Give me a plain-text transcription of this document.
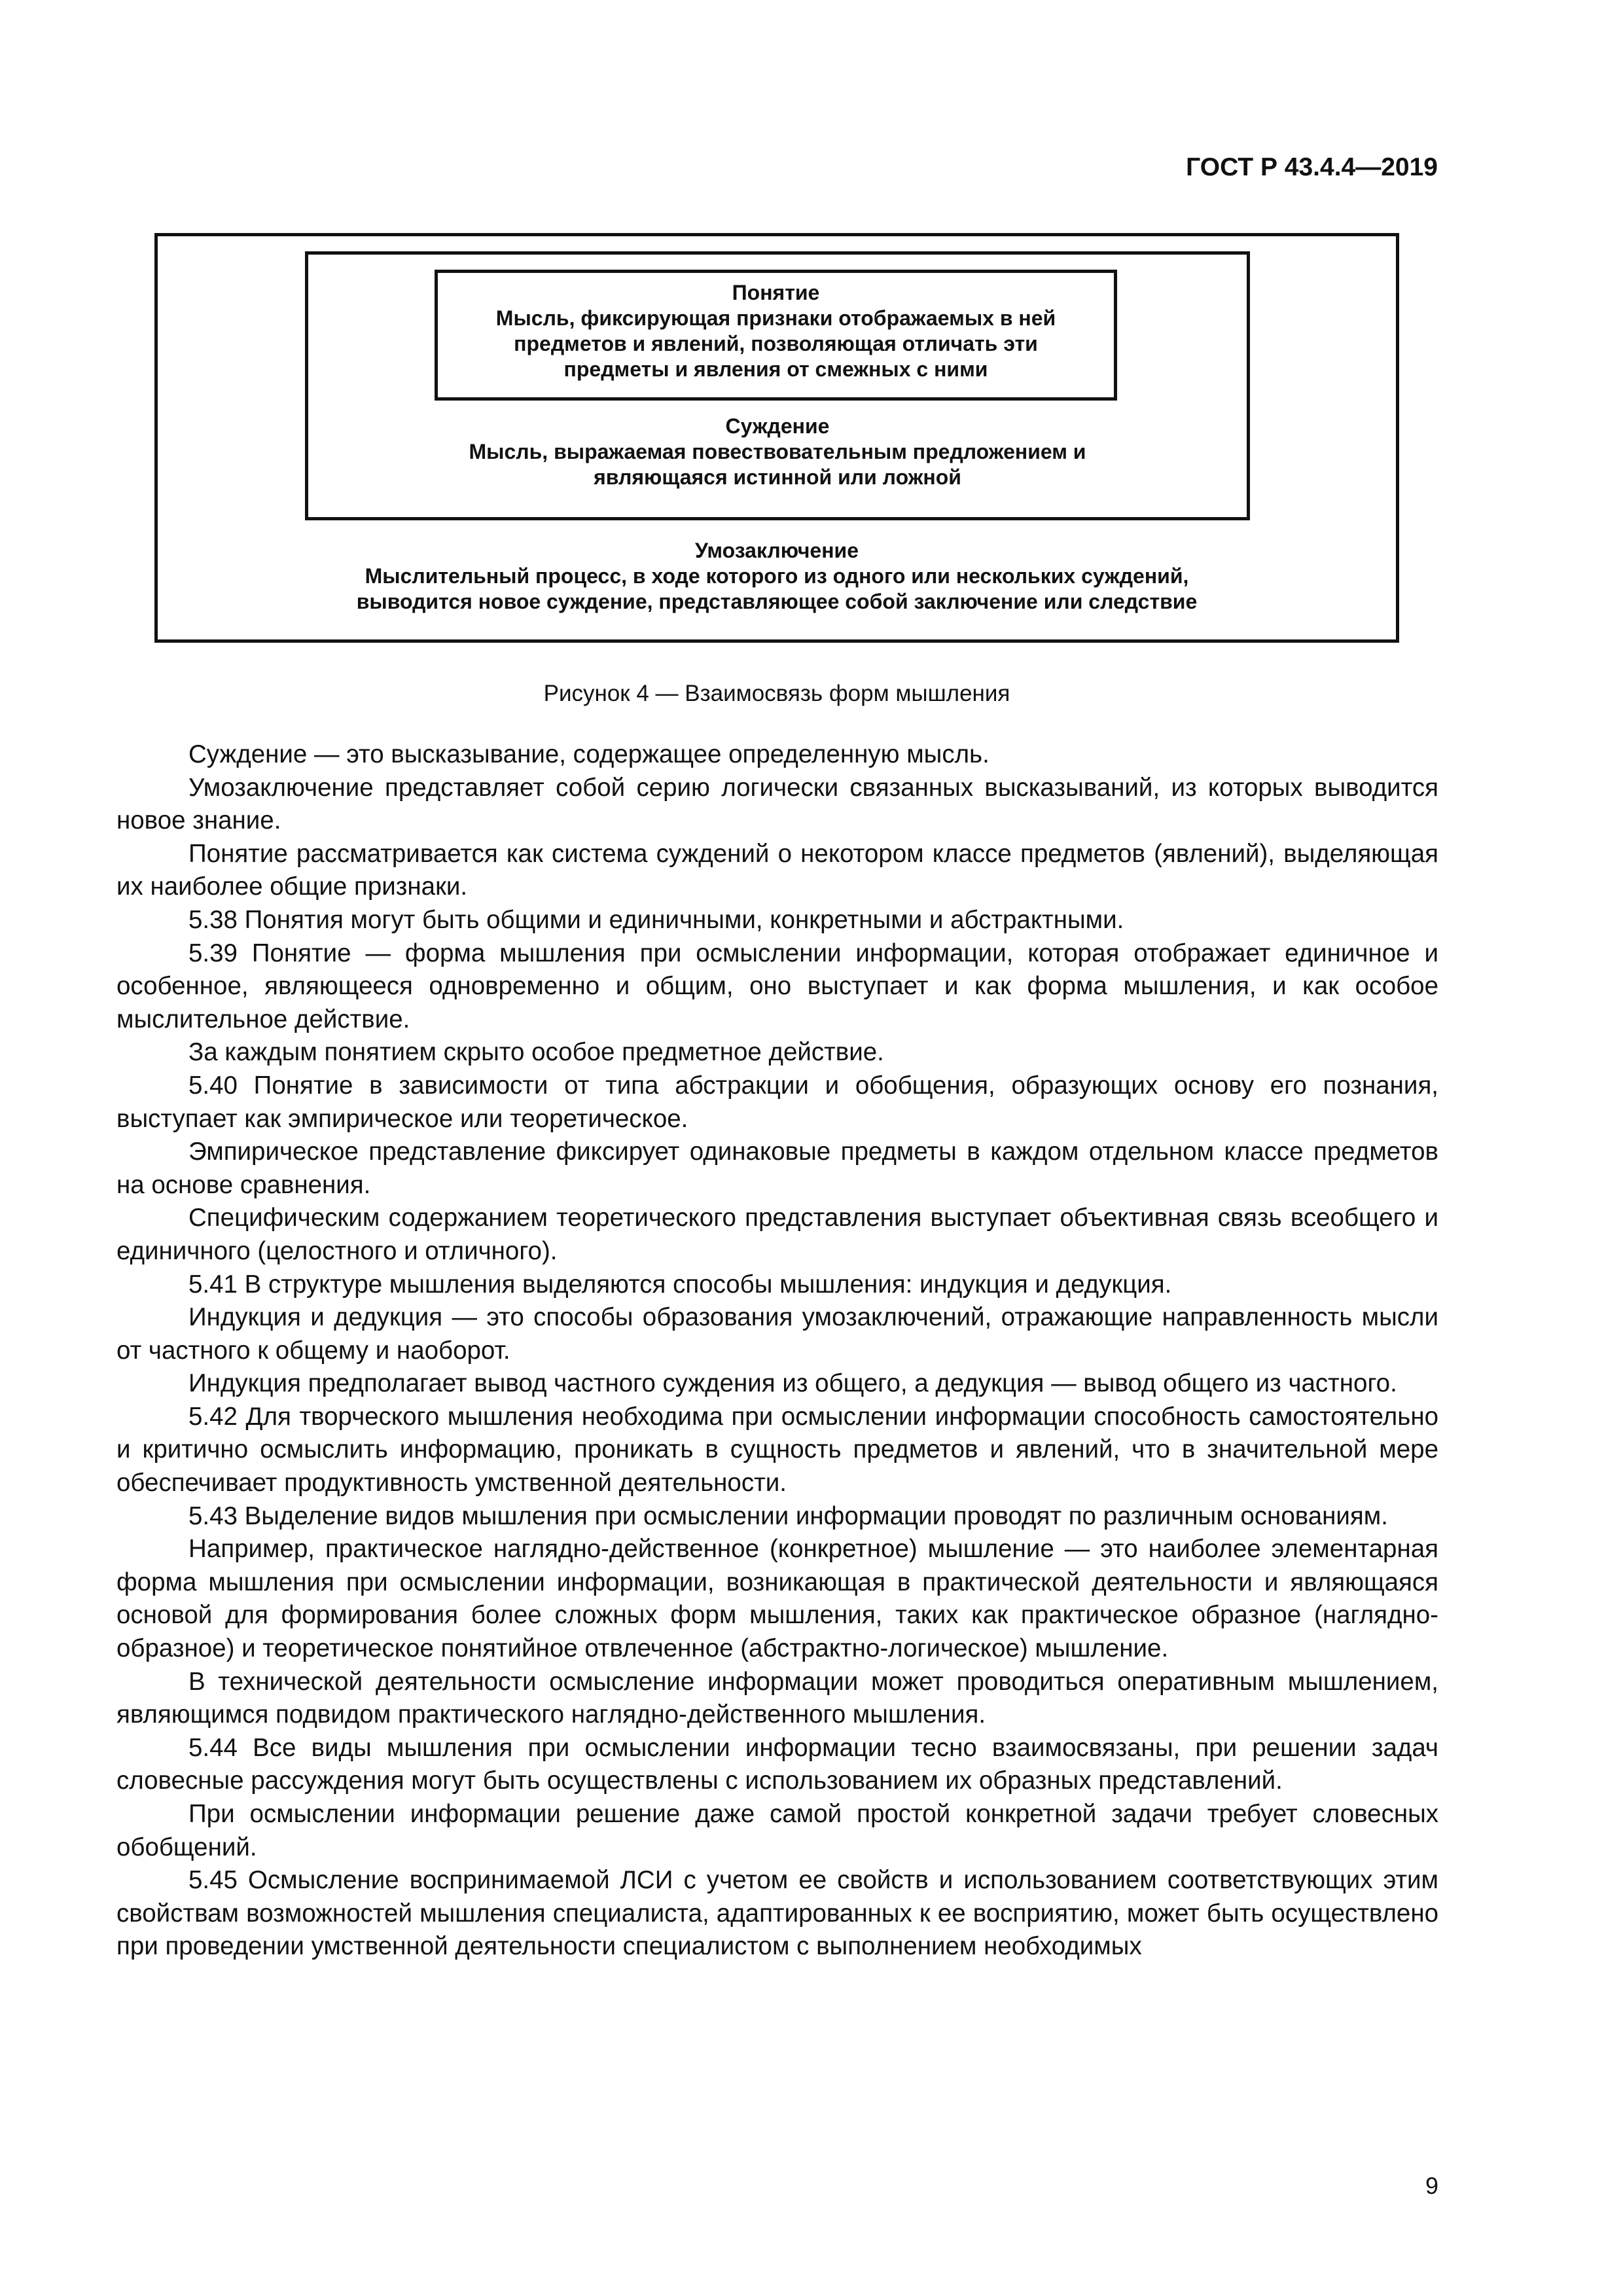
ГОСТ Р 43.4.4—2019
Понятие
Мысль, фиксирующая признаки отображаемых в ней
предметов и явлений, позволяющая отличать эти
предметы и явления от смежных с ними
Суждение
Мысль, выражаемая повествовательным предложением и
являющаяся истинной или ложной
Умозаключение
Мыслительный процесс, в ходе которого из одного или нескольких суждений,
выводится новое суждение, представляющее собой заключение или следствие
Рисунок 4 — Взаимосвязь форм мышления

Суждение — это высказывание, содержащее определенную мысль.

Умозаключение представляет собой серию логически связанных высказываний, из которых выводится новое знание.

Понятие рассматривается как система суждений о некотором классе предметов (явлений), выделяющая их наиболее общие признаки.

5.38 Понятия могут быть общими и единичными, конкретными и абстрактными.

5.39 Понятие — форма мышления при осмыслении информации, которая отображает единичное и особенное, являющееся одновременно и общим, оно выступает и как форма мышления, и как особое мыслительное действие.

За каждым понятием скрыто особое предметное действие.

5.40 Понятие в зависимости от типа абстракции и обобщения, образующих основу его познания, выступает как эмпирическое или теоретическое.

Эмпирическое представление фиксирует одинаковые предметы в каждом отдельном классе предметов на основе сравнения.

Специфическим содержанием теоретического представления выступает объективная связь всеобщего и единичного (целостного и отличного).

5.41 В структуре мышления выделяются способы мышления: индукция и дедукция.

Индукция и дедукция — это способы образования умозаключений, отражающие направленность мысли от частного к общему и наоборот.

Индукция предполагает вывод частного суждения из общего, а дедукция — вывод общего из частного.

5.42 Для творческого мышления необходима при осмыслении информации способность самостоятельно и критично осмыслить информацию, проникать в сущность предметов и явлений, что в значительной мере обеспечивает продуктивность умственной деятельности.

5.43 Выделение видов мышления при осмыслении информации проводят по различным основаниям.

Например, практическое наглядно-действенное (конкретное) мышление — это наиболее элементарная форма мышления при осмыслении информации, возникающая в практической деятельности и являющаяся основой для формирования более сложных форм мышления, таких как практическое образное (наглядно-образное) и теоретическое понятийное отвлеченное (абстрактно-логическое) мышление.

В технической деятельности осмысление информации может проводиться оперативным мышлением, являющимся подвидом практического наглядно-действенного мышления.

5.44 Все виды мышления при осмыслении информации тесно взаимосвязаны, при решении задач словесные рассуждения могут быть осуществлены с использованием их образных представлений.

При осмыслении информации решение даже самой простой конкретной задачи требует словесных обобщений.

5.45 Осмысление воспринимаемой ЛСИ с учетом ее свойств и использованием соответствующих этим свойствам возможностей мышления специалиста, адаптированных к ее восприятию, может быть осуществлено при проведении умственной деятельности специалистом с выполнением необходимых

9
